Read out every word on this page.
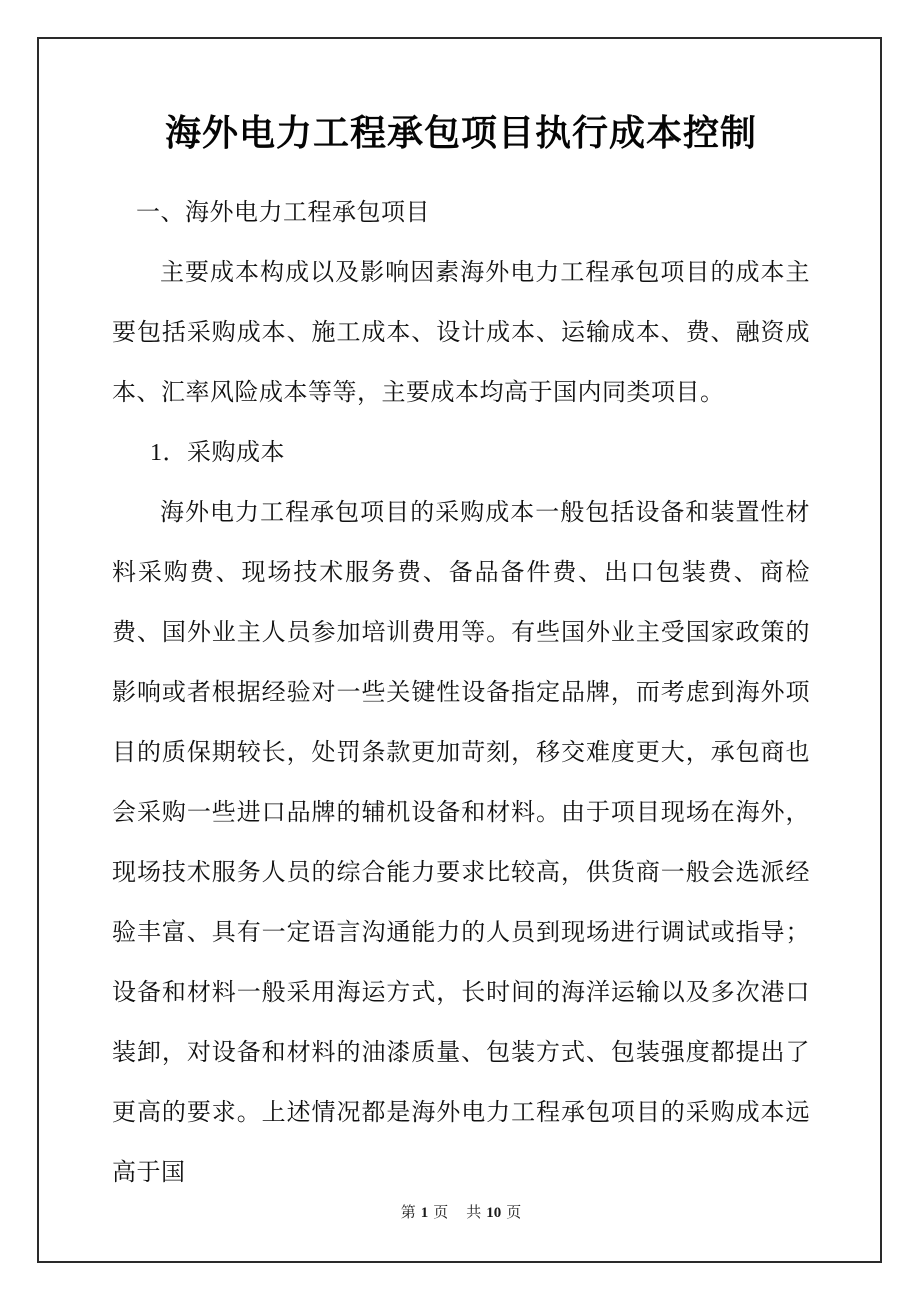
海外电力工程承包项目执行成本控制
一、海外电力工程承包项目
主要成本构成以及影响因素海外电力工程承包项目的成本主要包括采购成本、施工成本、设计成本、运输成本、费、融资成本、汇率风险成本等等，主要成本均高于国内同类项目。
1．采购成本
海外电力工程承包项目的采购成本一般包括设备和装置性材料采购费、现场技术服务费、备品备件费、出口包装费、商检费、国外业主人员参加培训费用等。有些国外业主受国家政策的影响或者根据经验对一些关键性设备指定品牌，而考虑到海外项目的质保期较长，处罚条款更加苛刻，移交难度更大，承包商也会采购一些进口品牌的辅机设备和材料。由于项目现场在海外，现场技术服务人员的综合能力要求比较高，供货商一般会选派经验丰富、具有一定语言沟通能力的人员到现场进行调试或指导；设备和材料一般采用海运方式，长时间的海洋运输以及多次港口装卸，对设备和材料的油漆质量、包装方式、包装强度都提出了更高的要求。上述情况都是海外电力工程承包项目的采购成本远高于国
第 1 页 共 10 页
